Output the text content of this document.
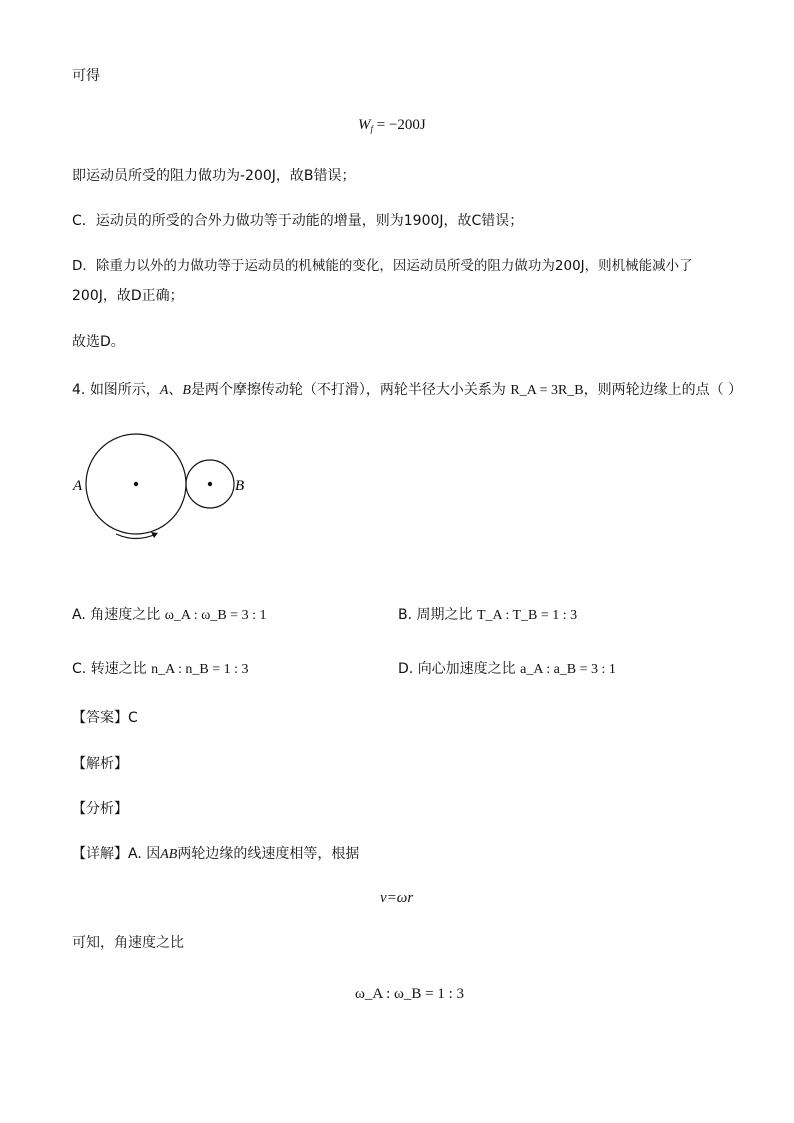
可得
$W_f = -200J$
即运动员所受的阻力做功为-200J，故B错误；
C．运动员的所受的合外力做功等于动能的增量，则为1900J，故C错误；
D．除重力以外的力做功等于运动员的机械能的变化，因运动员所受的阻力做功为200J，则机械能减小了
200J，故D正确；
故选D。
4. 如图所示，A、B是两个摩擦传动轮（不打滑），两轮半径大小关系为 R_A = 3R_B，则两轮边缘上的点（ ）
A	B
A. 角速度之比 ω_A : ω_B = 3 : 1	B. 周期之比 T_A : T_B = 1 : 3
C. 转速之比 n_A : n_B = 1 : 3	D. 向心加速度之比 a_A : a_B = 3 : 1
【答案】C
【解析】
【分析】
【详解】A. 因AB两轮边缘的线速度相等，根据
v=ωr
可知，角速度之比
ω_A : ω_B = 1 : 3
